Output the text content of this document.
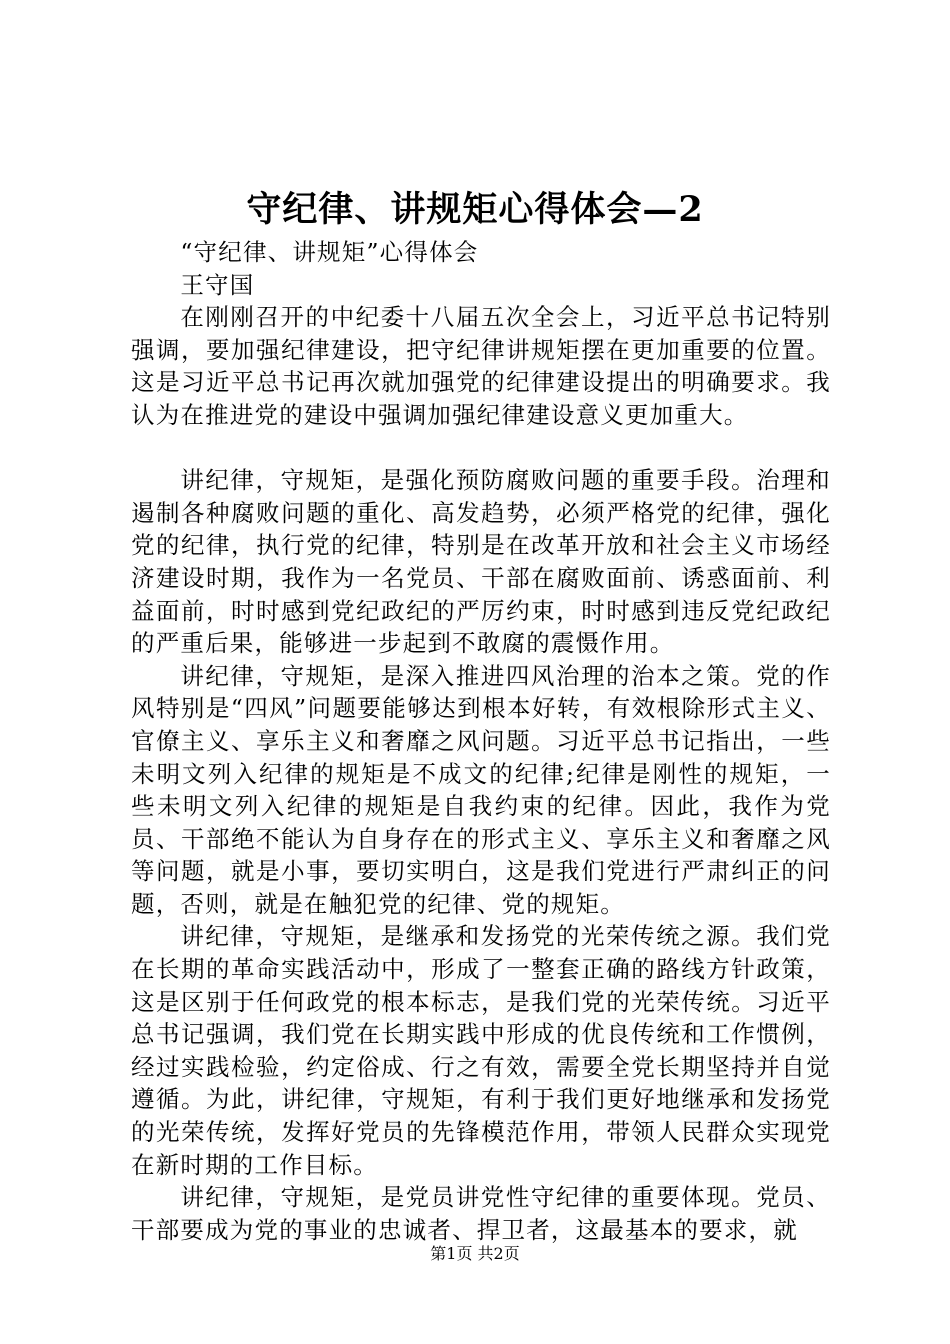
守纪律、讲规矩心得体会—2

“守纪律、讲规矩”心得体会

王守国

在刚刚召开的中纪委十八届五次全会上，习近平总书记特别强调，要加强纪律建设，把守纪律讲规矩摆在更加重要的位置。这是习近平总书记再次就加强党的纪律建设提出的明确要求。我认为在推进党的建设中强调加强纪律建设意义更加重大。

讲纪律，守规矩，是强化预防腐败问题的重要手段。治理和遏制各种腐败问题的重化、高发趋势，必须严格党的纪律，强化党的纪律，执行党的纪律，特别是在改革开放和社会主义市场经济建设时期，我作为一名党员、干部在腐败面前、诱惑面前、利益面前，时时感到党纪政纪的严厉约束，时时感到违反党纪政纪的严重后果，能够进一步起到不敢腐的震慑作用。

讲纪律，守规矩，是深入推进四风治理的治本之策。党的作风特别是“四风”问题要能够达到根本好转，有效根除形式主义、官僚主义、享乐主义和奢靡之风问题。习近平总书记指出，一些未明文列入纪律的规矩是不成文的纪律;纪律是刚性的规矩，一些未明文列入纪律的规矩是自我约束的纪律。因此，我作为党员、干部绝不能认为自身存在的形式主义、享乐主义和奢靡之风等问题，就是小事，要切实明白，这是我们党进行严肃纠正的问题，否则，就是在触犯党的纪律、党的规矩。

讲纪律，守规矩，是继承和发扬党的光荣传统之源。我们党在长期的革命实践活动中，形成了一整套正确的路线方针政策，这是区别于任何政党的根本标志，是我们党的光荣传统。习近平总书记强调，我们党在长期实践中形成的优良传统和工作惯例，经过实践检验，约定俗成、行之有效，需要全党长期坚持并自觉遵循。为此，讲纪律，守规矩，有利于我们更好地继承和发扬党的光荣传统，发挥好党员的先锋模范作用，带领人民群众实现党在新时期的工作目标。

讲纪律，守规矩，是党员讲党性守纪律的重要体现。党员、干部要成为党的事业的忠诚者、捍卫者，这最基本的要求，就

第1页 共2页
